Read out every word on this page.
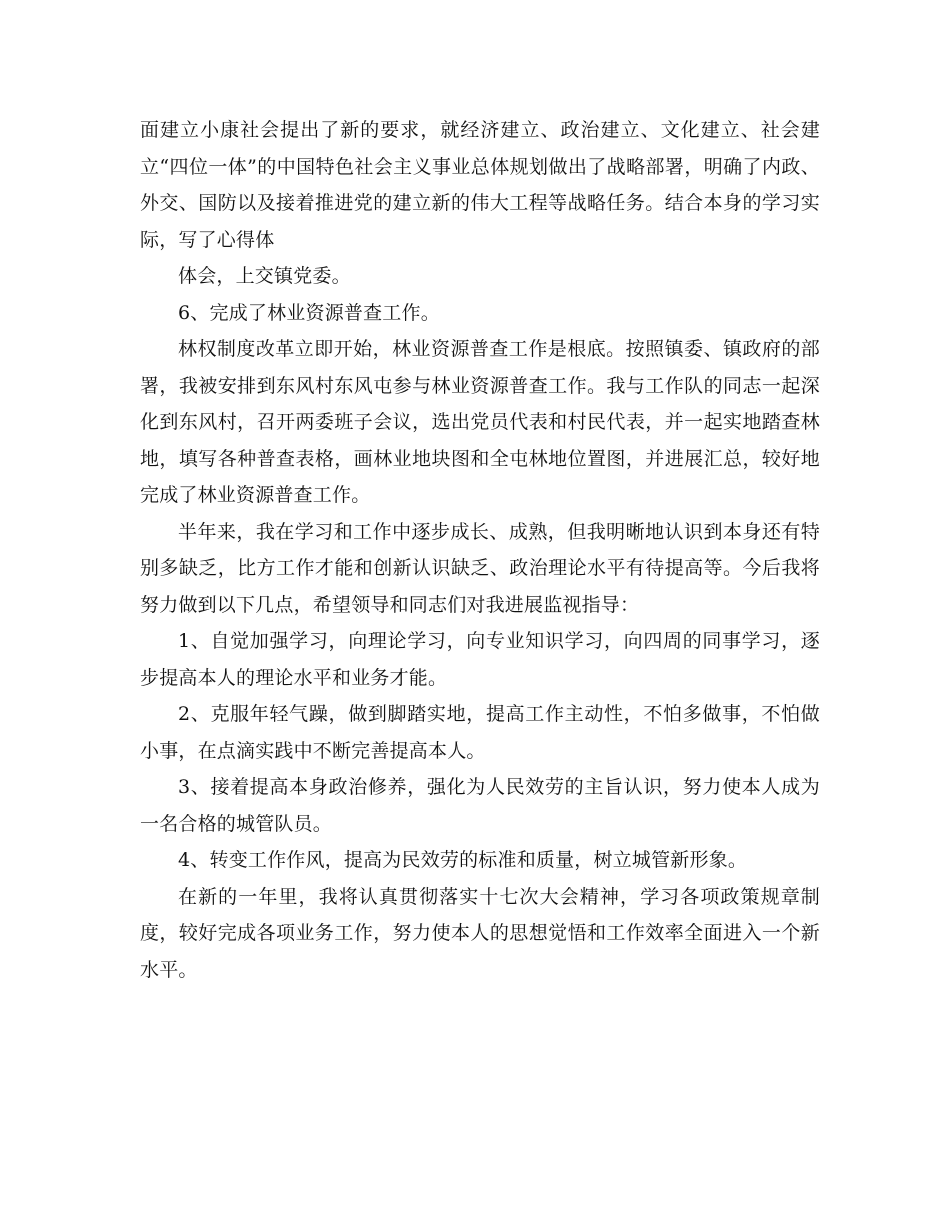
面建立小康社会提出了新的要求，就经济建立、政治建立、文化建立、社会建立“四位一体”的中国特色社会主义事业总体规划做出了战略部署，明确了内政、外交、国防以及接着推进党的建立新的伟大工程等战略任务。结合本身的学习实际，写了心得体

体会，上交镇党委。

6、完成了林业资源普查工作。

林权制度改革立即开始，林业资源普查工作是根底。按照镇委、镇政府的部署，我被安排到东风村东风屯参与林业资源普查工作。我与工作队的同志一起深化到东风村，召开两委班子会议，选出党员代表和村民代表，并一起实地踏查林地，填写各种普查表格，画林业地块图和全屯林地位置图，并进展汇总，较好地完成了林业资源普查工作。

半年来，我在学习和工作中逐步成长、成熟，但我明晰地认识到本身还有特别多缺乏，比方工作才能和创新认识缺乏、政治理论水平有待提高等。今后我将努力做到以下几点，希望领导和同志们对我进展监视指导：

1、自觉加强学习，向理论学习，向专业知识学习，向四周的同事学习，逐步提高本人的理论水平和业务才能。

2、克服年轻气躁，做到脚踏实地，提高工作主动性，不怕多做事，不怕做小事，在点滴实践中不断完善提高本人。

3、接着提高本身政治修养，强化为人民效劳的主旨认识，努力使本人成为一名合格的城管队员。

4、转变工作作风，提高为民效劳的标准和质量，树立城管新形象。

在新的一年里，我将认真贯彻落实十七次大会精神，学习各项政策规章制度，较好完成各项业务工作，努力使本人的思想觉悟和工作效率全面进入一个新水平。
